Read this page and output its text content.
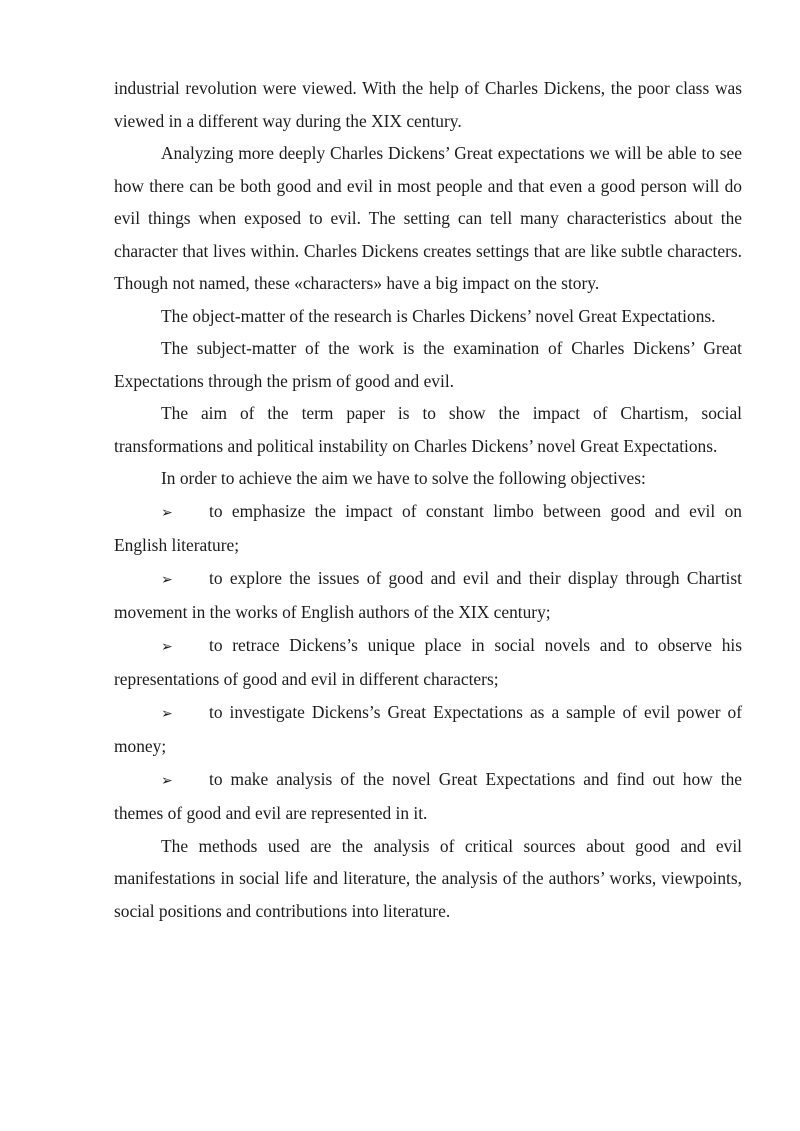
industrial revolution were viewed. With the help of Charles Dickens, the poor class was viewed in a different way during the XIX century.

Analyzing more deeply Charles Dickens’ Great expectations we will be able to see how there can be both good and evil in most people and that even a good person will do evil things when exposed to evil. The setting can tell many characteristics about the character that lives within. Charles Dickens creates settings that are like subtle characters. Though not named, these «characters» have a big impact on the story.

The object-matter of the research is Charles Dickens’ novel Great Expectations.

The subject-matter of the work is the examination of Charles Dickens’ Great Expectations through the prism of good and evil.

The aim of the term paper is to show the impact of Chartism, social transformations and political instability on Charles Dickens’ novel Great Expectations.

In order to achieve the aim we have to solve the following objectives:

➢ to emphasize the impact of constant limbo between good and evil on English literature;

➢ to explore the issues of good and evil and their display through Chartist movement in the works of English authors of the XIX century;

➢ to retrace Dickens’s unique place in social novels and to observe his representations of good and evil in different characters;

➢ to investigate Dickens’s Great Expectations as a sample of evil power of money;

➢ to make analysis of the novel Great Expectations and find out how the themes of good and evil are represented in it.

The methods used are the analysis of critical sources about good and evil manifestations in social life and literature, the analysis of the authors’ works, viewpoints, social positions and contributions into literature.
